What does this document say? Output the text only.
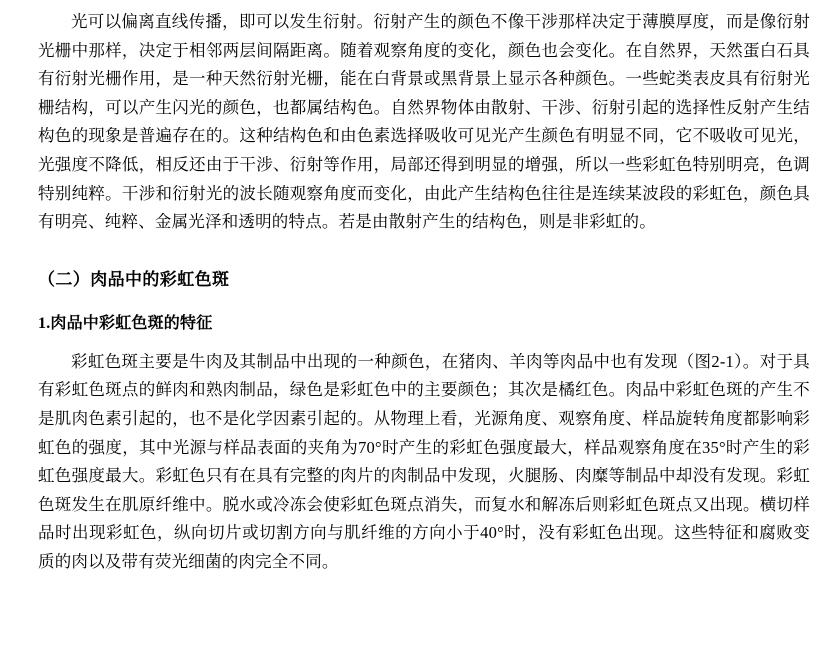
光可以偏离直线传播，即可以发生衍射。衍射产生的颜色不像干涉那样决定于薄膜厚度，而是像衍射光栅中那样，决定于相邻两层间隔距离。随着观察角度的变化，颜色也会变化。在自然界，天然蛋白石具有衍射光栅作用，是一种天然衍射光栅，能在白背景或黑背景上显示各种颜色。一些蛇类表皮具有衍射光栅结构，可以产生闪光的颜色，也都属结构色。自然界物体由散射、干涉、衍射引起的选择性反射产生结构色的现象是普遍存在的。这种结构色和由色素选择吸收可见光产生颜色有明显不同，它不吸收可见光，光强度不降低，相反还由于干涉、衍射等作用，局部还得到明显的增强，所以一些彩虹色特别明亮，色调特别纯粹。干涉和衍射光的波长随观察角度而变化，由此产生结构色往往是连续某波段的彩虹色，颜色具有明亮、纯粹、金属光泽和透明的特点。若是由散射产生的结构色，则是非彩虹的。

（二）肉品中的彩虹色斑
1.肉品中彩虹色斑的特征

彩虹色斑主要是牛肉及其制品中出现的一种颜色，在猪肉、羊肉等肉品中也有发现（图2-1）。对于具有彩虹色斑点的鲜肉和熟肉制品，绿色是彩虹色中的主要颜色；其次是橘红色。肉品中彩虹色斑的产生不是肌肉色素引起的，也不是化学因素引起的。从物理上看，光源角度、观察角度、样品旋转角度都影响彩虹色的强度，其中光源与样品表面的夹角为70°时产生的彩虹色强度最大，样品观察角度在35°时产生的彩虹色强度最大。彩虹色只有在具有完整的肉片的肉制品中发现，火腿肠、肉糜等制品中却没有发现。彩虹色斑发生在肌原纤维中。脱水或冷冻会使彩虹色斑点消失，而复水和解冻后则彩虹色斑点又出现。横切样品时出现彩虹色，纵向切片或切割方向与肌纤维的方向小于40°时，没有彩虹色出现。这些特征和腐败变质的肉以及带有荧光细菌的肉完全不同。
